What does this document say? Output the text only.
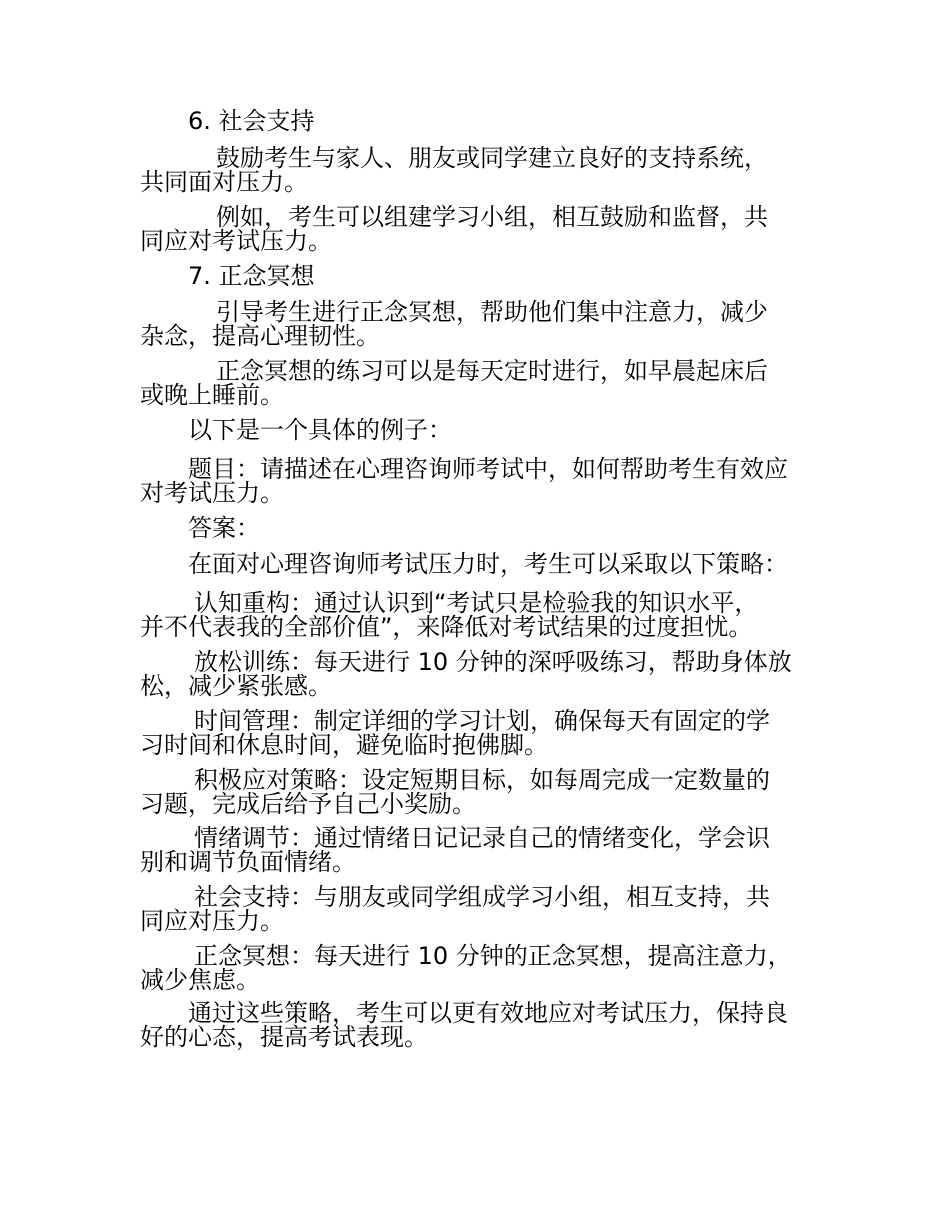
6. 社会支持
鼓励考生与家人、朋友或同学建立良好的支持系统，
共同面对压力。
例如，考生可以组建学习小组，相互鼓励和监督，共
同应对考试压力。
7. 正念冥想
引导考生进行正念冥想，帮助他们集中注意力，减少
杂念，提高心理韧性。
正念冥想的练习可以是每天定时进行，如早晨起床后
或晚上睡前。
以下是一个具体的例子：
题目：请描述在心理咨询师考试中，如何帮助考生有效应
对考试压力。
答案：
在面对心理咨询师考试压力时，考生可以采取以下策略：
认知重构：通过认识到“考试只是检验我的知识水平，
并不代表我的全部价值”，来降低对考试结果的过度担忧。
放松训练：每天进行 10 分钟的深呼吸练习，帮助身体放
松，减少紧张感。
时间管理：制定详细的学习计划，确保每天有固定的学
习时间和休息时间，避免临时抱佛脚。
积极应对策略：设定短期目标，如每周完成一定数量的
习题，完成后给予自己小奖励。
情绪调节：通过情绪日记记录自己的情绪变化，学会识
别和调节负面情绪。
社会支持：与朋友或同学组成学习小组，相互支持，共
同应对压力。
正念冥想：每天进行 10 分钟的正念冥想，提高注意力，
减少焦虑。
通过这些策略，考生可以更有效地应对考试压力，保持良
好的心态，提高考试表现。
